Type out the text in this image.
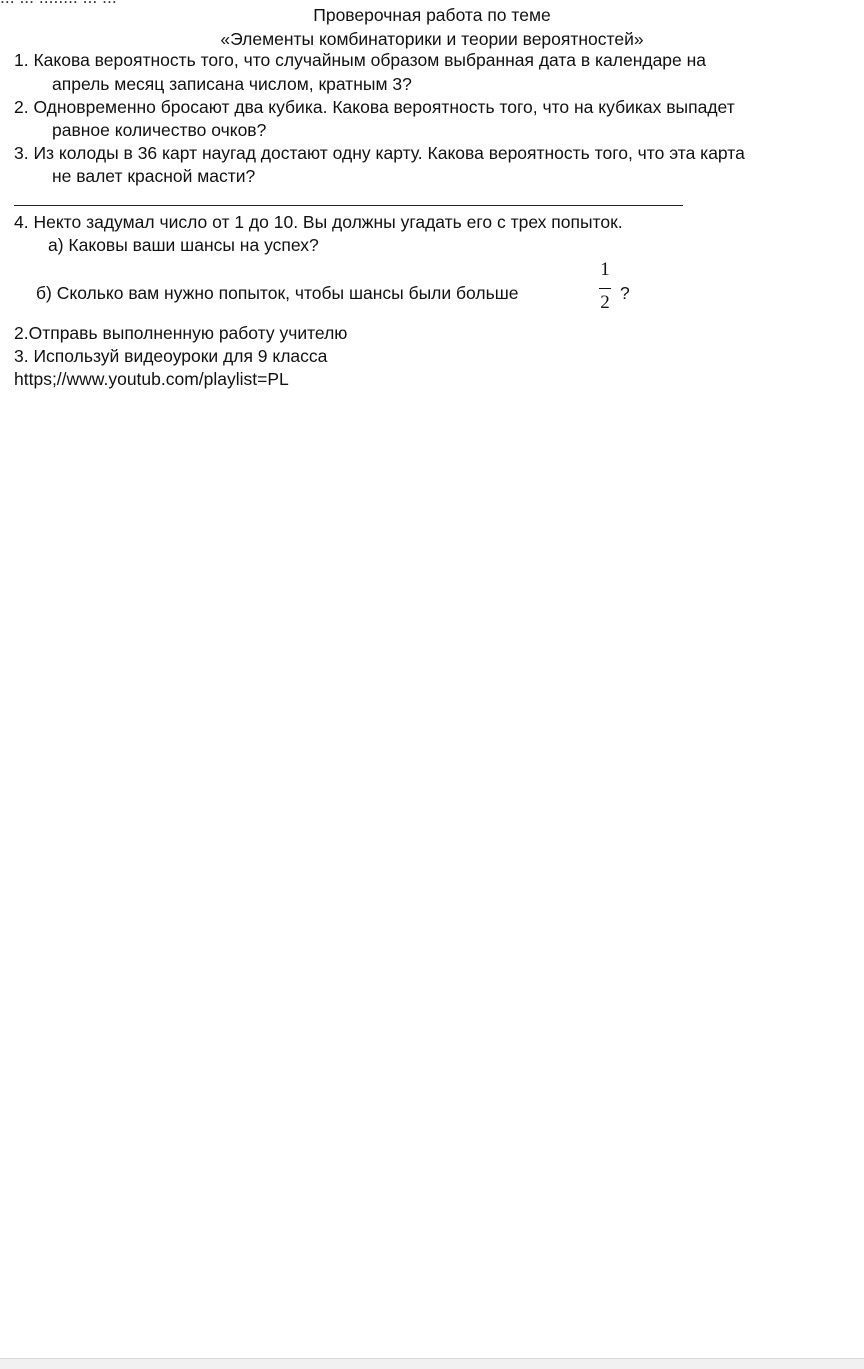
Проверочная работа по теме
«Элементы комбинаторики и теории вероятностей»
1. Какова вероятность того, что случайным образом выбранная дата в календаре на
апрель месяц записана числом, кратным 3?
2. Одновременно бросают два кубика. Какова вероятность того, что на кубиках выпадет
равное количество очков?
3. Из колоды в 36 карт наугад достают одну карту. Какова вероятность того, что эта карта
не валет красной масти?
4. Некто задумал число от 1 до 10. Вы должны угадать его с трех попыток.
а) Каковы ваши шансы на успех?
б) Сколько вам нужно попыток, чтобы шансы были больше
1
2 ?
2.Отправь выполненную работу учителю
3. Используй видеоуроки для 9 класса
https;//www.youtub.com/playlist=PL
